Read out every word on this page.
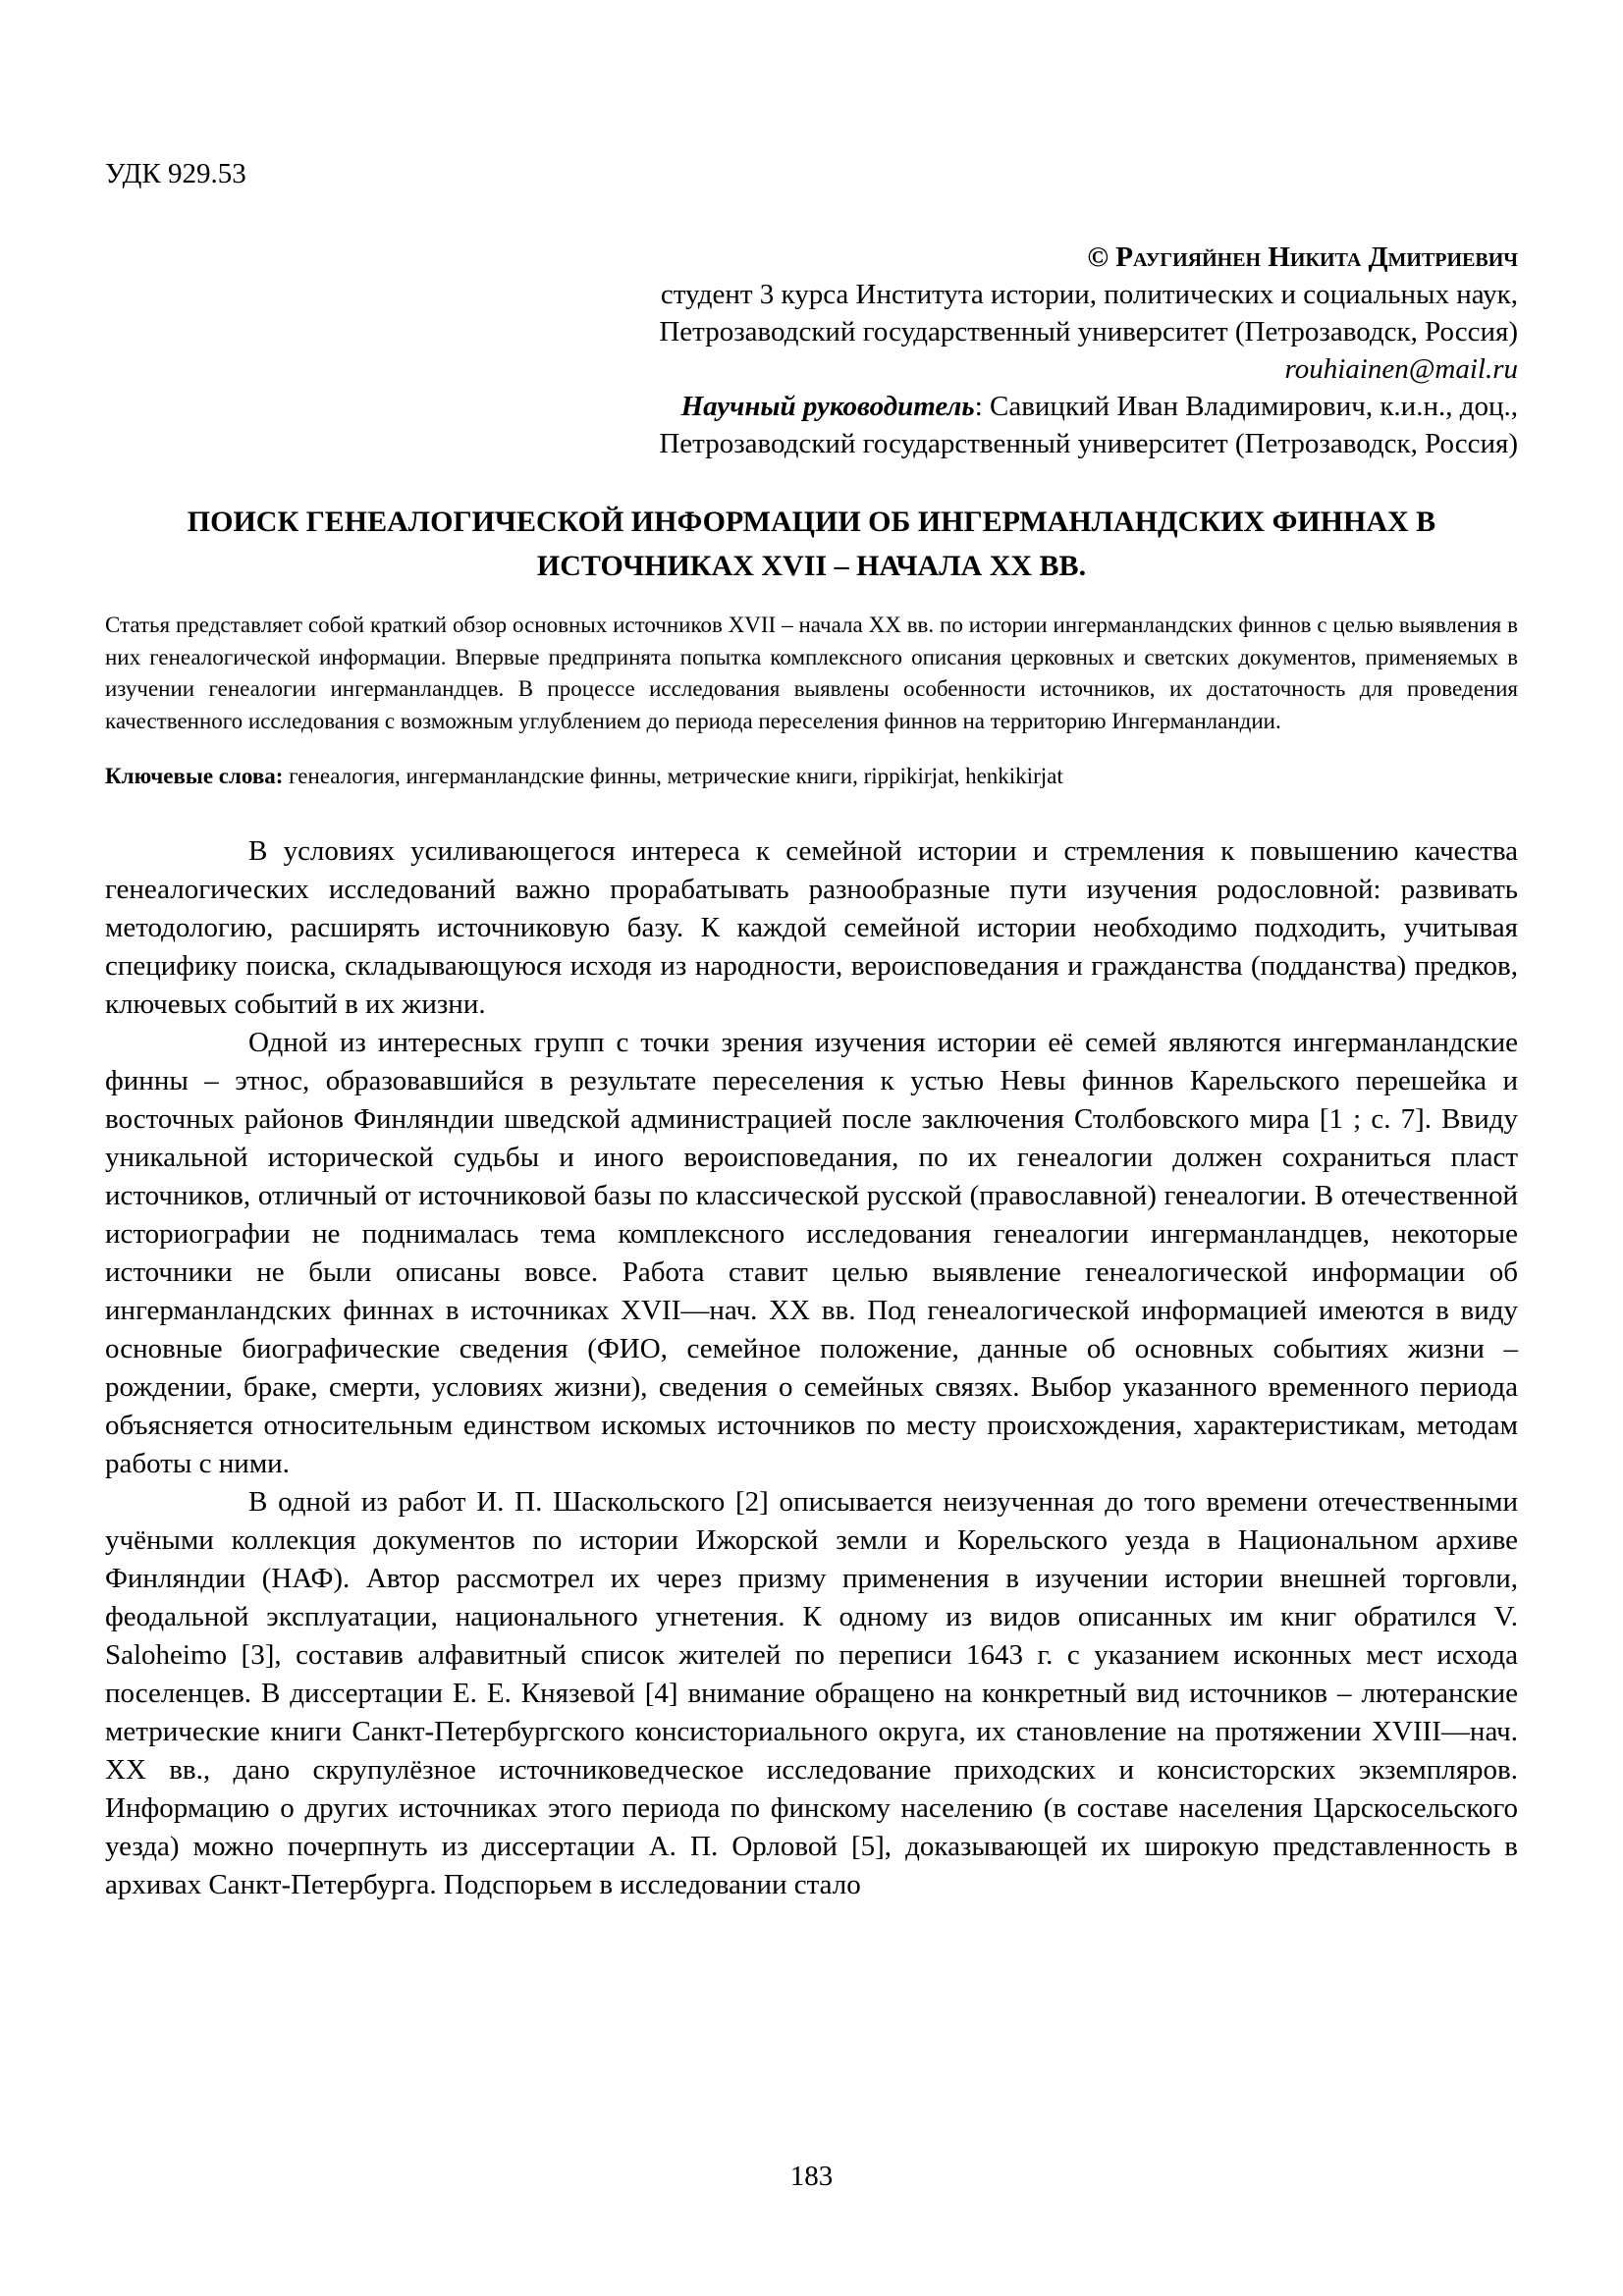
УДК 929.53
© Раугияйнен Никита Дмитриевич
студент 3 курса Института истории, политических и социальных наук,
Петрозаводский государственный университет (Петрозаводск, Россия)
rouhiainen@mail.ru
Научный руководитель: Савицкий Иван Владимирович, к.и.н., доц.,
Петрозаводский государственный университет (Петрозаводск, Россия)
ПОИСК ГЕНЕАЛОГИЧЕСКОЙ ИНФОРМАЦИИ ОБ ИНГЕРМАНЛАНДСКИХ ФИННАХ В ИСТОЧНИКАХ XVII – НАЧАЛА XX ВВ.

Статья представляет собой краткий обзор основных источников XVII – начала XX вв. по истории ингерманландских финнов с целью выявления в них генеалогической информации. Впервые предпринята попытка комплексного описания церковных и светских документов, применяемых в изучении генеалогии ингерманландцев. В процессе исследования выявлены особенности источников, их достаточность для проведения качественного исследования с возможным углублением до периода переселения финнов на территорию Ингерманландии.

Ключевые слова: генеалогия, ингерманландские финны, метрические книги, rippikirjat, henkikirjat

В условиях усиливающегося интереса к семейной истории и стремления к повышению качества генеалогических исследований важно прорабатывать разнообразные пути изучения родословной: развивать методологию, расширять источниковую базу. К каждой семейной истории необходимо подходить, учитывая специфику поиска, складывающуюся исходя из народности, вероисповедания и гражданства (подданства) предков, ключевых событий в их жизни.

Одной из интересных групп с точки зрения изучения истории её семей являются ингерманландские финны – этнос, образовавшийся в результате переселения к устью Невы финнов Карельского перешейка и восточных районов Финляндии шведской администрацией после заключения Столбовского мира [1 ; с. 7]. Ввиду уникальной исторической судьбы и иного вероисповедания, по их генеалогии должен сохраниться пласт источников, отличный от источниковой базы по классической русской (православной) генеалогии. В отечественной историографии не поднималась тема комплексного исследования генеалогии ингерманландцев, некоторые источники не были описаны вовсе. Работа ставит целью выявление генеалогической информации об ингерманландских финнах в источниках XVII—нач. XX вв. Под генеалогической информацией имеются в виду основные биографические сведения (ФИО, семейное положение, данные об основных событиях жизни – рождении, браке, смерти, условиях жизни), сведения о семейных связях. Выбор указанного временного периода объясняется относительным единством искомых источников по месту происхождения, характеристикам, методам работы с ними.

В одной из работ И. П. Шаскольского [2] описывается неизученная до того времени отечественными учёными коллекция документов по истории Ижорской земли и Корельского уезда в Национальном архиве Финляндии (НАФ). Автор рассмотрел их через призму применения в изучении истории внешней торговли, феодальной эксплуатации, национального угнетения. К одному из видов описанных им книг обратился V. Saloheimo [3], составив алфавитный список жителей по переписи 1643 г. с указанием исконных мест исхода поселенцев. В диссертации Е. Е. Князевой [4] внимание обращено на конкретный вид источников – лютеранские метрические книги Санкт-Петербургского консисториального округа, их становление на протяжении XVIII—нач. XX вв., дано скрупулёзное источниковедческое исследование приходских и консисторских экземпляров. Информацию о других источниках этого периода по финскому населению (в составе населения Царскосельского уезда) можно почерпнуть из диссертации А. П. Орловой [5], доказывающей их широкую представленность в архивах Санкт-Петербурга. Подспорьем в исследовании стало

183
